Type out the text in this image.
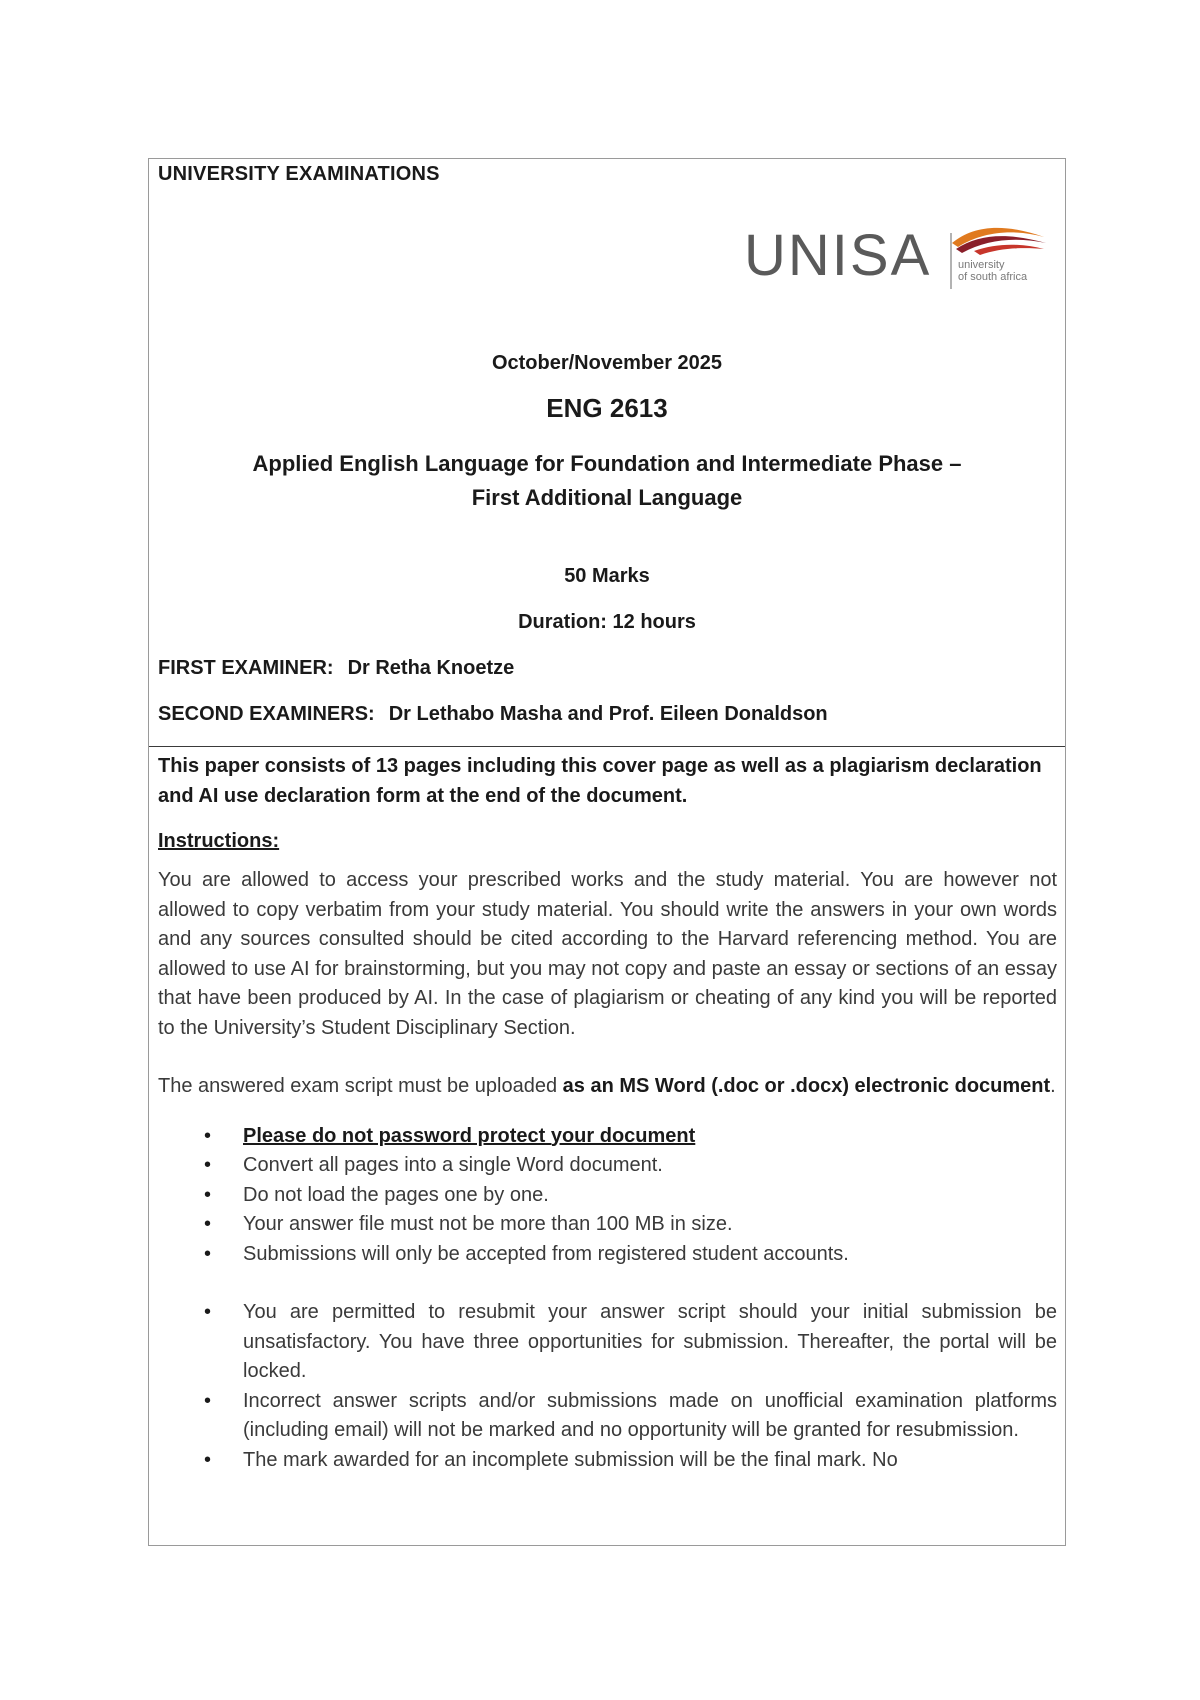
UNIVERSITY EXAMINATIONS
UNISA university
of south africa
October/November 2025
ENG 2613
Applied English Language for Foundation and Intermediate Phase –
First Additional Language
50 Marks
Duration: 12 hours
FIRST EXAMINER: Dr Retha Knoetze
SECOND EXAMINERS: Dr Lethabo Masha and Prof. Eileen Donaldson

This paper consists of 13 pages including this cover page as well as a plagiarism declaration and AI use declaration form at the end of the document.

Instructions:

You are allowed to access your prescribed works and the study material. You are however not allowed to copy verbatim from your study material. You should write the answers in your own words and any sources consulted should be cited according to the Harvard referencing method. You are allowed to use AI for brainstorming, but you may not copy and paste an essay or sections of an essay that have been produced by AI. In the case of plagiarism or cheating of any kind you will be reported to the University’s Student Disciplinary Section.

The answered exam script must be uploaded as an MS Word (.doc or .docx) electronic document.

• Please do not password protect your document
• Convert all pages into a single Word document.
• Do not load the pages one by one.
• Your answer file must not be more than 100 MB in size.
• Submissions will only be accepted from registered student accounts.
• You are permitted to resubmit your answer script should your initial submission be unsatisfactory. You have three opportunities for submission. Thereafter, the portal will be locked.
• Incorrect answer scripts and/or submissions made on unofficial examination platforms (including email) will not be marked and no opportunity will be granted for resubmission.
• The mark awarded for an incomplete submission will be the final mark. No
